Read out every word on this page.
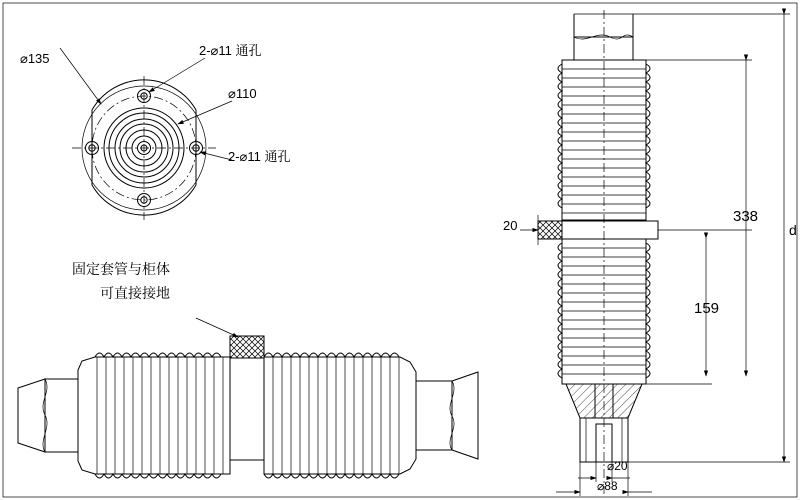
⌀135
2-⌀11 通孔
⌀110
2-⌀11 通孔
固定套管与柜体
可直接接地
20
338
159
d
⌀20
⌀88
